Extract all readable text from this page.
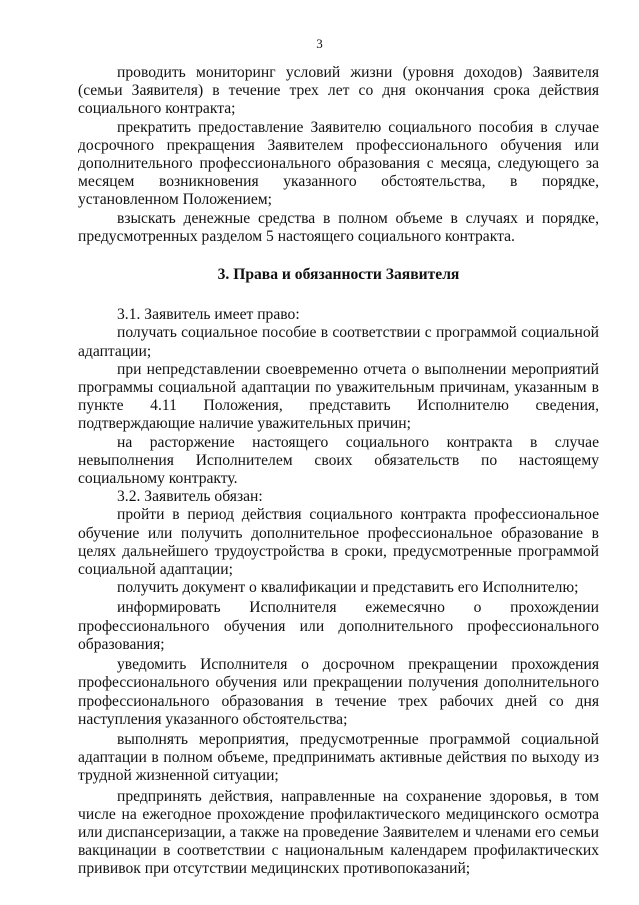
3

проводить мониторинг условий жизни (уровня доходов) Заявителя (семьи Заявителя) в течение трех лет со дня окончания срока действия социального контракта;

прекратить предоставление Заявителю социального пособия в случае досрочного прекращения Заявителем профессионального обучения или дополнительного профессионального образования с месяца, следующего за месяцем возникновения указанного обстоятельства, в порядке, установленном Положением;

взыскать денежные средства в полном объеме в случаях и порядке, предусмотренных разделом 5 настоящего социального контракта.

3. Права и обязанности Заявителя

3.1. Заявитель имеет право:

получать социальное пособие в соответствии с программой социальной адаптации;

при непредставлении своевременно отчета о выполнении мероприятий программы социальной адаптации по уважительным причинам, указанным в пункте 4.11 Положения, представить Исполнителю сведения, подтверждающие наличие уважительных причин;

на расторжение настоящего социального контракта в случае невыполнения Исполнителем своих обязательств по настоящему социальному контракту.

3.2. Заявитель обязан:

пройти в период действия социального контракта профессиональное обучение или получить дополнительное профессиональное образование в целях дальнейшего трудоустройства в сроки, предусмотренные программой социальной адаптации;

получить документ о квалификации и представить его Исполнителю;

информировать Исполнителя ежемесячно о прохождении профессионального обучения или дополнительного профессионального образования;

уведомить Исполнителя о досрочном прекращении прохождения профессионального обучения или прекращении получения дополнительного профессионального образования в течение трех рабочих дней со дня наступления указанного обстоятельства;

выполнять мероприятия, предусмотренные программой социальной адаптации в полном объеме, предпринимать активные действия по выходу из трудной жизненной ситуации;

предпринять действия, направленные на сохранение здоровья, в том числе на ежегодное прохождение профилактического медицинского осмотра или диспансеризации, а также на проведение Заявителем и членами его семьи вакцинации в соответствии с национальным календарем профилактических прививок при отсутствии медицинских противопоказаний;
